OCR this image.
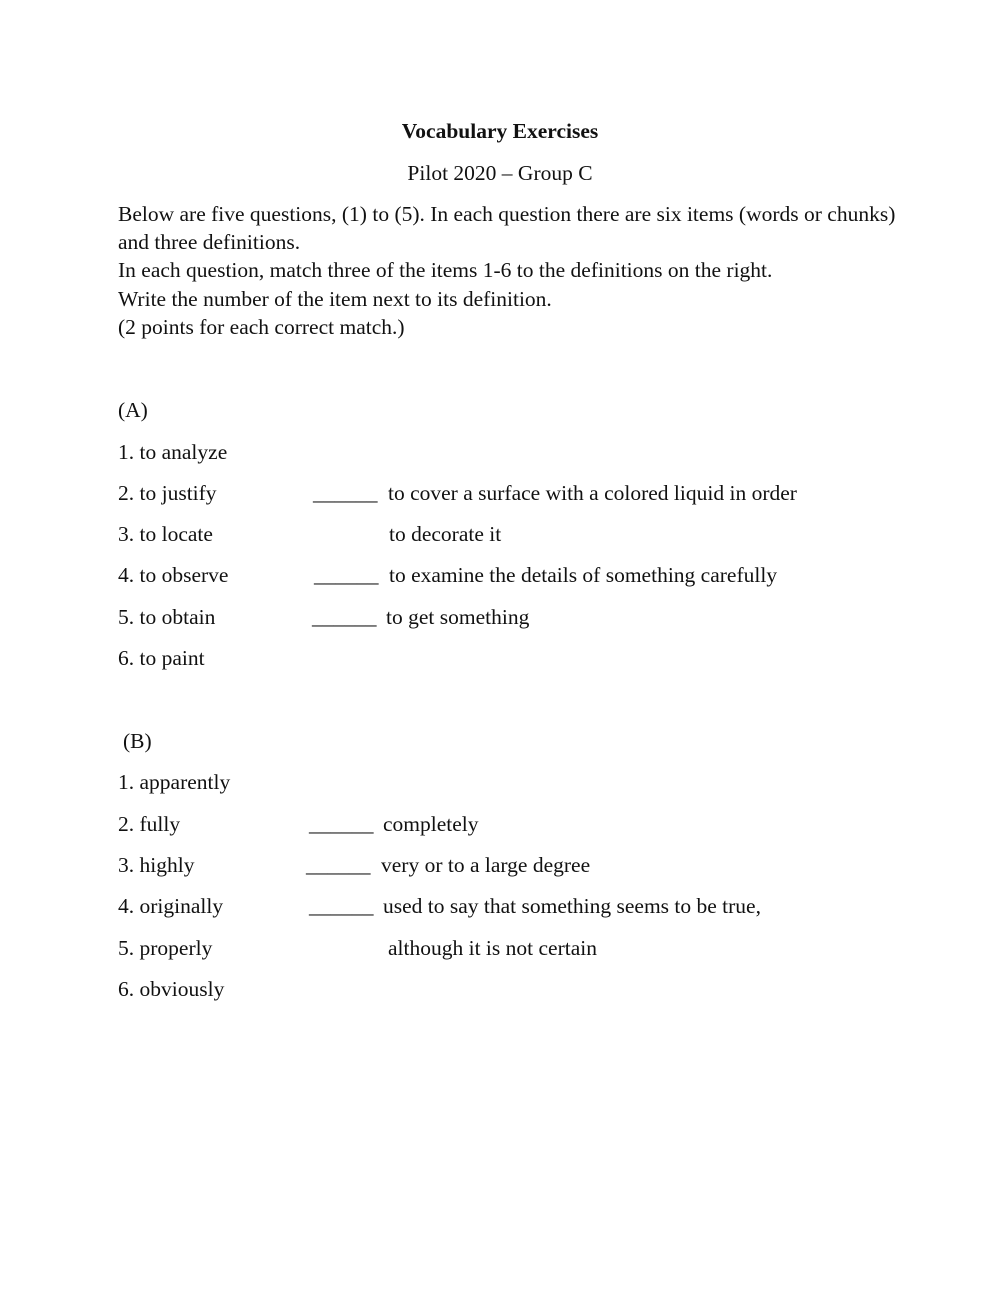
Vocabulary Exercises
Pilot 2020 – Group C

Below are five questions, (1) to (5). In each question there are six items (words or chunks) and three definitions.

In each question, match three of the items 1-6 to the definitions on the right.

Write the number of the item next to its definition.

(2 points for each correct match.)

(A)
1. to analyze
2. to justify
3. to locate
4. to observe
5. to obtain
6. to paint
______ to cover a surface with a colored liquid in order
to decorate it
______ to examine the details of something carefully
______ to get something
(B)
1. apparently
2. fully
3. highly
4. originally
5. properly
6. obviously
______ completely
______ very or to a large degree
______ used to say that something seems to be true,
although it is not certain
